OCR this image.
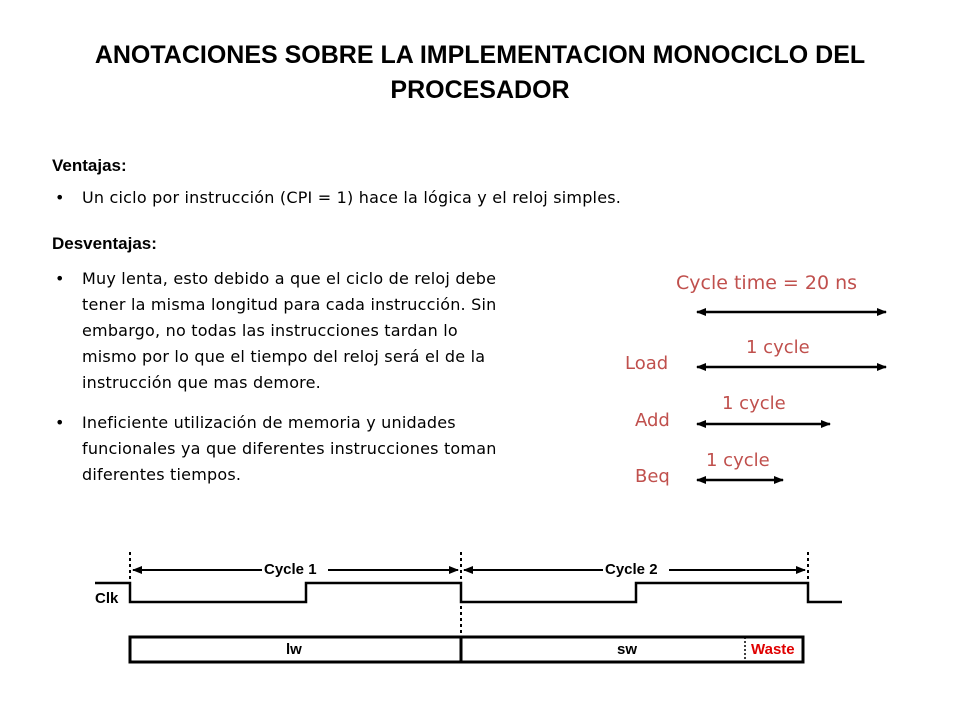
ANOTACIONES SOBRE LA IMPLEMENTACION MONOCICLO DEL PROCESADOR
Ventajas:
• Un ciclo por instrucción (CPI = 1) hace la lógica y el reloj simples.
Desventajas:
• Muy lenta, esto debido a que el ciclo de reloj debe
tener la misma longitud para cada instrucción. Sin
embargo, no todas las instrucciones tardan lo
mismo por lo que el tiempo del reloj será el de la
instrucción que mas demore.
• Ineficiente utilización de memoria y unidades
funcionales ya que diferentes instrucciones toman
diferentes tiempos.
Cycle time = 20 ns
1 cycle
Load
1 cycle
Add
1 cycle
Beq
Cycle 1	Cycle 2
Clk
lw	sw	Waste
